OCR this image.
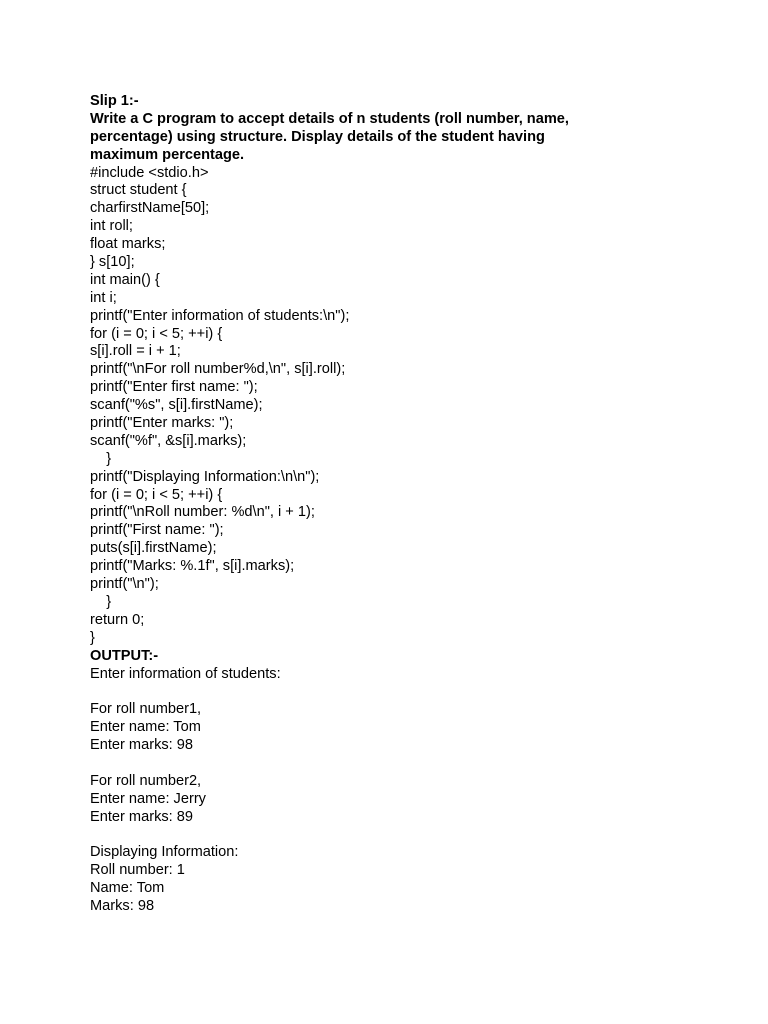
Slip 1:-
Write a C program to accept details of n students (roll number, name,
percentage) using structure. Display details of the student having
maximum percentage.
#include <stdio.h>
struct student {
charfirstName[50];
int roll;
float marks;
} s[10];
int main() {
int i;
printf("Enter information of students:\n");
for (i = 0; i < 5; ++i) {
s[i].roll = i + 1;
printf("\nFor roll number%d,\n", s[i].roll);
printf("Enter first name: ");
scanf("%s", s[i].firstName);
printf("Enter marks: ");
scanf("%f", &s[i].marks);
}
printf("Displaying Information:\n\n");
for (i = 0; i < 5; ++i) {
printf("\nRoll number: %d\n", i + 1);
printf("First name: ");
puts(s[i].firstName);
printf("Marks: %.1f", s[i].marks);
printf("\n");
}
return 0;
}
OUTPUT:-
Enter information of students:
For roll number1,
Enter name: Tom
Enter marks: 98
For roll number2,
Enter name: Jerry
Enter marks: 89
Displaying Information:
Roll number: 1
Name: Tom
Marks: 98
